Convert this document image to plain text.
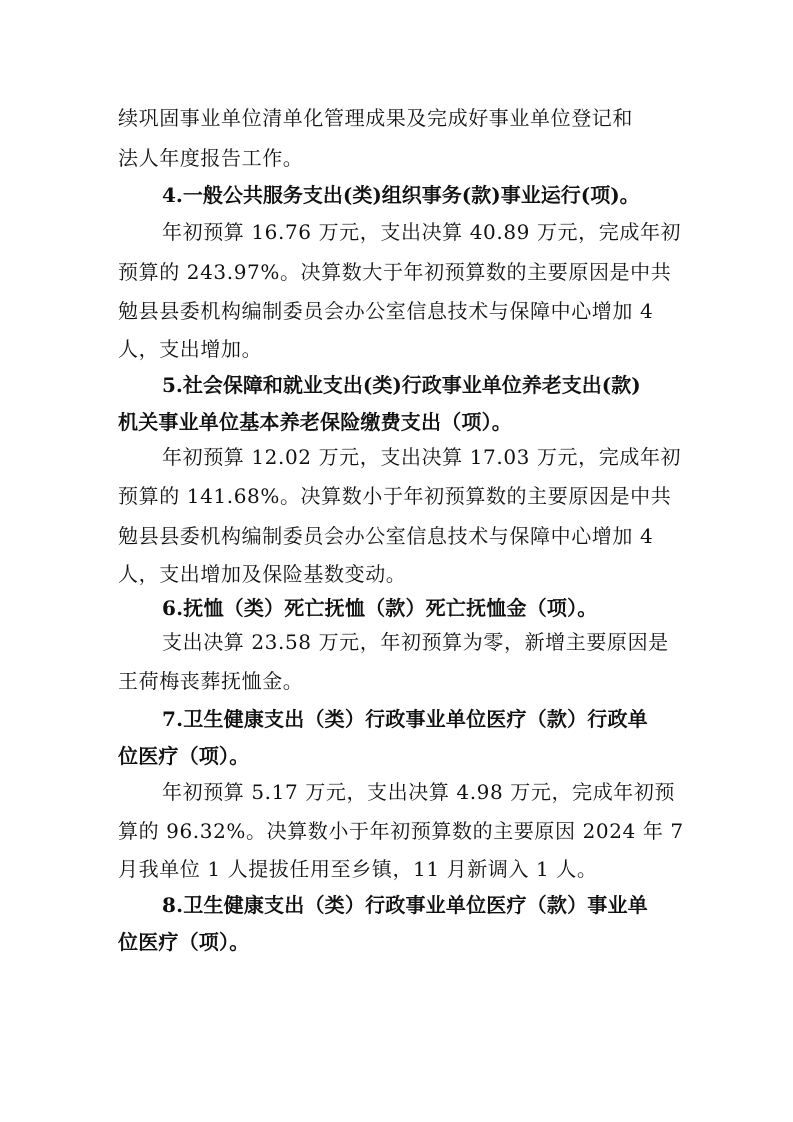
续巩固事业单位清单化管理成果及完成好事业单位登记和
法人年度报告工作。
4.一般公共服务支出(类)组织事务(款)事业运行(项)。
年初预算 16.76 万元，支出决算 40.89 万元，完成年初
预算的 243.97%。决算数大于年初预算数的主要原因是中共
勉县县委机构编制委员会办公室信息技术与保障中心增加 4
人，支出增加。
5.社会保障和就业支出(类)行政事业单位养老支出(款)
机关事业单位基本养老保险缴费支出（项）。
年初预算 12.02 万元，支出决算 17.03 万元，完成年初
预算的 141.68%。决算数小于年初预算数的主要原因是中共
勉县县委机构编制委员会办公室信息技术与保障中心增加 4
人，支出增加及保险基数变动。
6.抚恤（类）死亡抚恤（款）死亡抚恤金（项）。
支出决算 23.58 万元，年初预算为零，新增主要原因是
王荷梅丧葬抚恤金。
7.卫生健康支出（类）行政事业单位医疗（款）行政单
位医疗（项）。
年初预算 5.17 万元，支出决算 4.98 万元，完成年初预
算的 96.32%。决算数小于年初预算数的主要原因 2024 年 7
月我单位 1 人提拔任用至乡镇，11 月新调入 1 人。
8.卫生健康支出（类）行政事业单位医疗（款）事业单
位医疗（项）。
